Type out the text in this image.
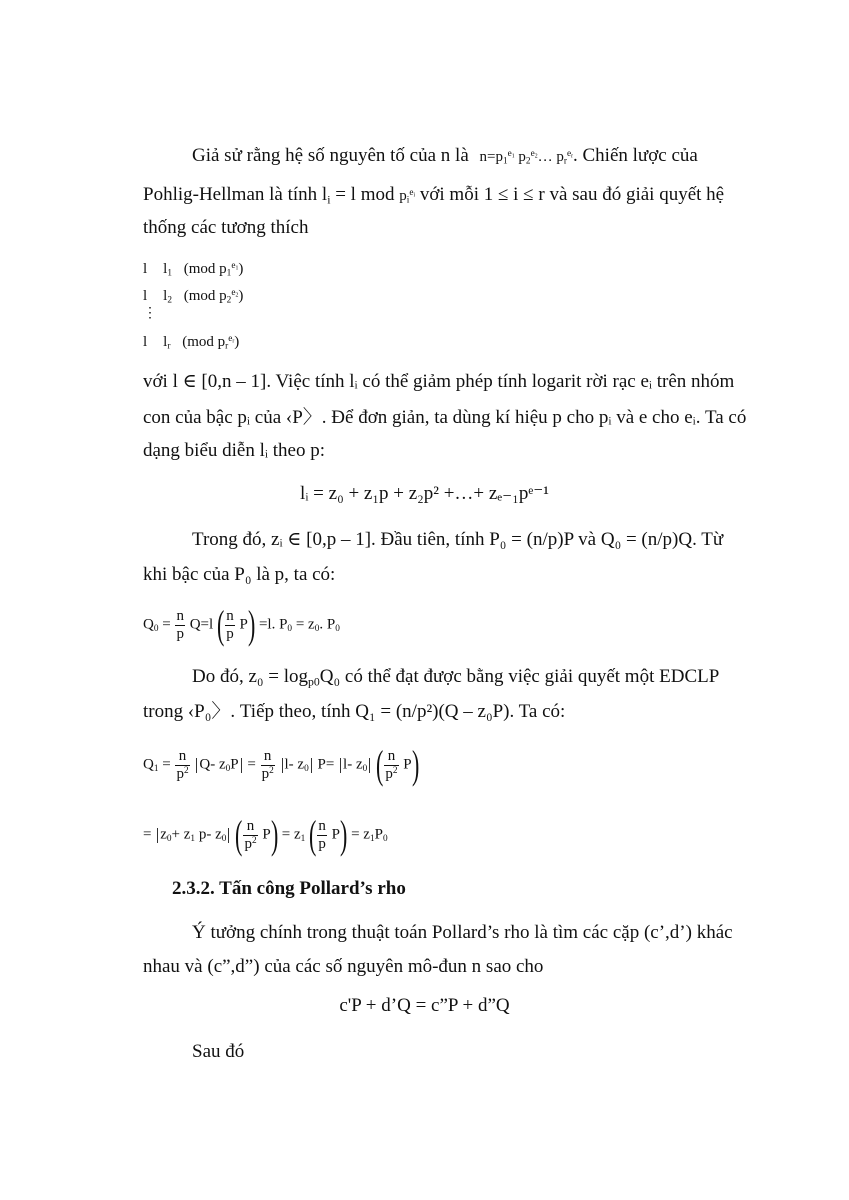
Giả sử rằng hệ số nguyên tố của n là $n=p_1^{e_1}$ $p_2^{e_2}\dots$ $p_r^{e_r}$. Chiến lược của
Pohlig-Hellman là tính $l_i = l$ mod $p_i^{e_i}$ với mỗi 1 ≤ i ≤ r và sau đó giải quyết hệ
thống các tương thích
l $l_1$ (mod $p_1^{e_1}$)
l $l_2$ (mod $p_2^{e_2}$)
⋮
l $l_r$ (mod $p_r^{e_r}$)
với l ∈ [0,n – 1]. Việc tính lᵢ có thể giảm phép tính logarit rời rạc eᵢ trên nhóm
con của bậc pᵢ của ‹P〉. Để đơn giản, ta dùng kí hiệu p cho pᵢ và e cho eᵢ. Ta có
dạng biểu diễn lᵢ theo p:
lᵢ = z₀ + z₁p + z₂p² +…+ zₑ₋₁pᵉ⁻¹
Trong đó, zᵢ ∈ [0,p – 1]. Đầu tiên, tính P₀ = (n/p)P và Q₀ = (n/p)Q. Từ
khi bậc của P₀ là p, ta có:
$Q_0 = \frac{n}{p} Q=l$ ( $\frac{n}{p} P) =l$. $P_0 = z_0$. $P_0$
Do đó, $z_0 = \log_{p0}Q_0$ có thể đạt được bằng việc giải quyết một EDCLP
trong ‹P₀〉. Tiếp theo, tính Q₁ = (n/p²)(Q – z₀P). Ta có:
$Q_1 = \frac{n}{p^2} Q-$ $z_0P = \frac{n}{p^2} l-$ $z_0$ P= l- $z_0$ ( $\frac{n}{p^2} P$)
= $z_0+ z_1$ p- $z_0$ ( $\frac{n}{p^2} P) = z_1$ ( $\frac{n}{p} P) = z_1P_0$
2.3.2. Tấn công Pollard’s rho
Ý tưởng chính trong thuật toán Pollard’s rho là tìm các cặp (c’,d’) khác
nhau và (c”,d”) của các số nguyên mô-đun n sao cho
c'P + d’Q = c”P + d”Q
Sau đó
